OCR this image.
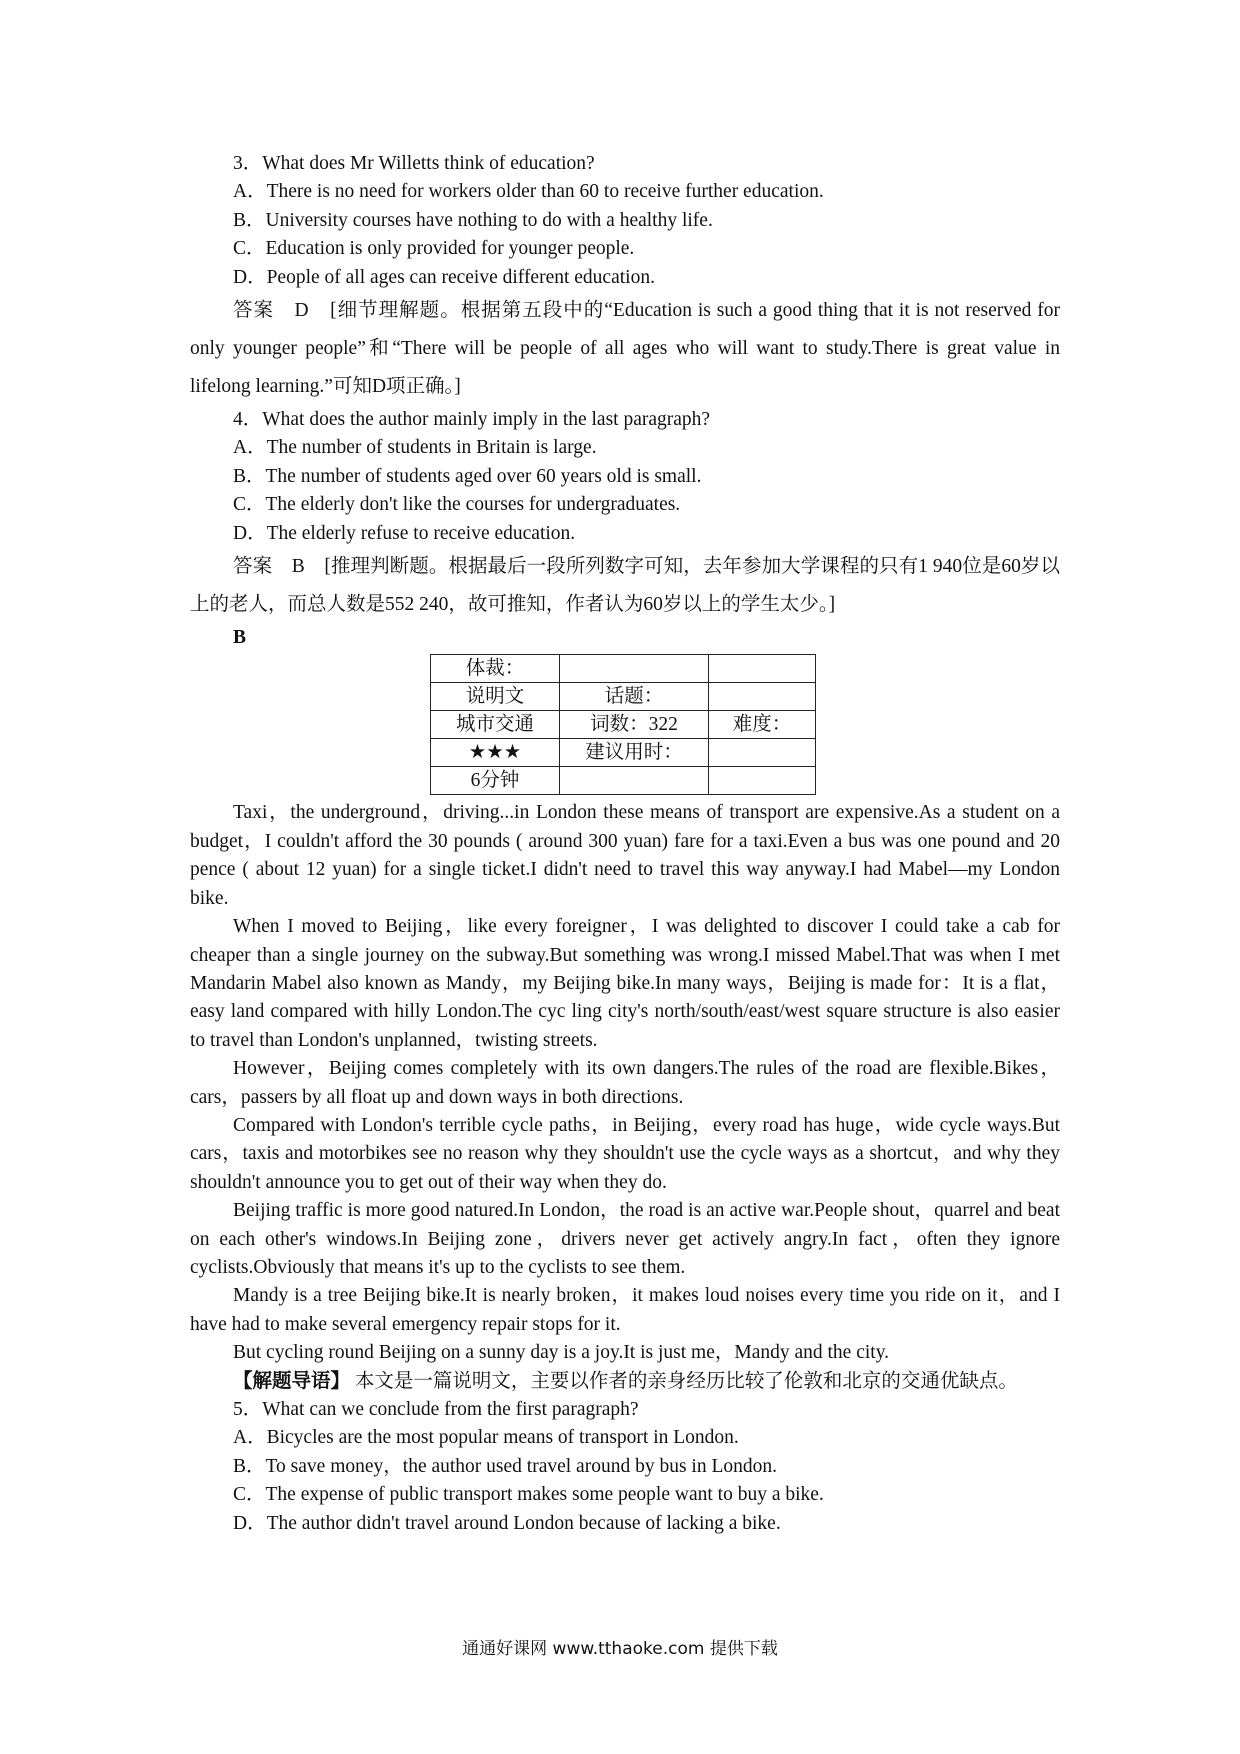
3．What does Mr Willetts think of education?

A．There is no need for workers older than 60 to receive further education.

B．University courses have nothing to do with a healthy life.

C．Education is only provided for younger people.

D．People of all ages can receive different education.

答案　D　[细节理解题。根据第五段中的“Education is such a good thing that it is not reserved for only younger people”和“There will be people of all ages who will want to study.There is great value in lifelong learning.”可知D项正确。]

4．What does the author mainly imply in the last paragraph?

A．The number of students in Britain is large.

B．The number of students aged over 60 years old is small.

C．The elderly don't like the courses for undergraduates.

D．The elderly refuse to receive education.

答案　B　[推理判断题。根据最后一段所列数字可知，去年参加大学课程的只有1 940位是60岁以上的老人，而总人数是552 240，故可推知，作者认为60岁以上的学生太少。]

B

体裁：		
说明文	话题：	
城市交通	词数：322	难度：
★★★	建议用时：	
6分钟		

Taxi，the underground，driving...in London these means of transport are expensive.As a student on a budget，I couldn't afford the 30 pounds ( around 300 yuan) fare for a taxi.Even a bus was one pound and 20 pence ( about 12 yuan) for a single ticket.I didn't need to travel this way anyway.I had Mabel—my London bike.

When I moved to Beijing，like every foreigner，I was delighted to discover I could take a cab for cheaper than a single journey on the subway.But something was wrong.I missed Mabel.That was when I met Mandarin Mabel also known as Mandy，my Beijing bike.In many ways，Beijing is made for：It is a flat，easy land compared with hilly London.The cyc ling city's north/south/east/west square structure is also easier to travel than London's unplanned，twisting streets.

However，Beijing comes completely with its own dangers.The rules of the road are flexible.Bikes，cars，passers by all float up and down ways in both directions.

Compared with London's terrible cycle paths，in Beijing，every road has huge，wide cycle ways.But cars，taxis and motorbikes see no reason why they shouldn't use the cycle ways as a shortcut，and why they shouldn't announce you to get out of their way when they do.

Beijing traffic is more good natured.In London，the road is an active war.People shout，quarrel and beat on each other's windows.In Beijing zone，drivers never get actively angry.In fact，often they ignore cyclists.Obviously that means it's up to the cyclists to see them.

Mandy is a tree Beijing bike.It is nearly broken，it makes loud noises every time you ride on it，and I have had to make several emergency repair stops for it.

But cycling round Beijing on a sunny day is a joy.It is just me，Mandy and the city.

【解题导语】 本文是一篇说明文，主要以作者的亲身经历比较了伦敦和北京的交通优缺点。

5．What can we conclude from the first paragraph?

A．Bicycles are the most popular means of transport in London.

B．To save money，the author used travel around by bus in London.

C．The expense of public transport makes some people want to buy a bike.

D．The author didn't travel around London because of lacking a bike.

通通好课网 www.tthaoke.com 提供下载
